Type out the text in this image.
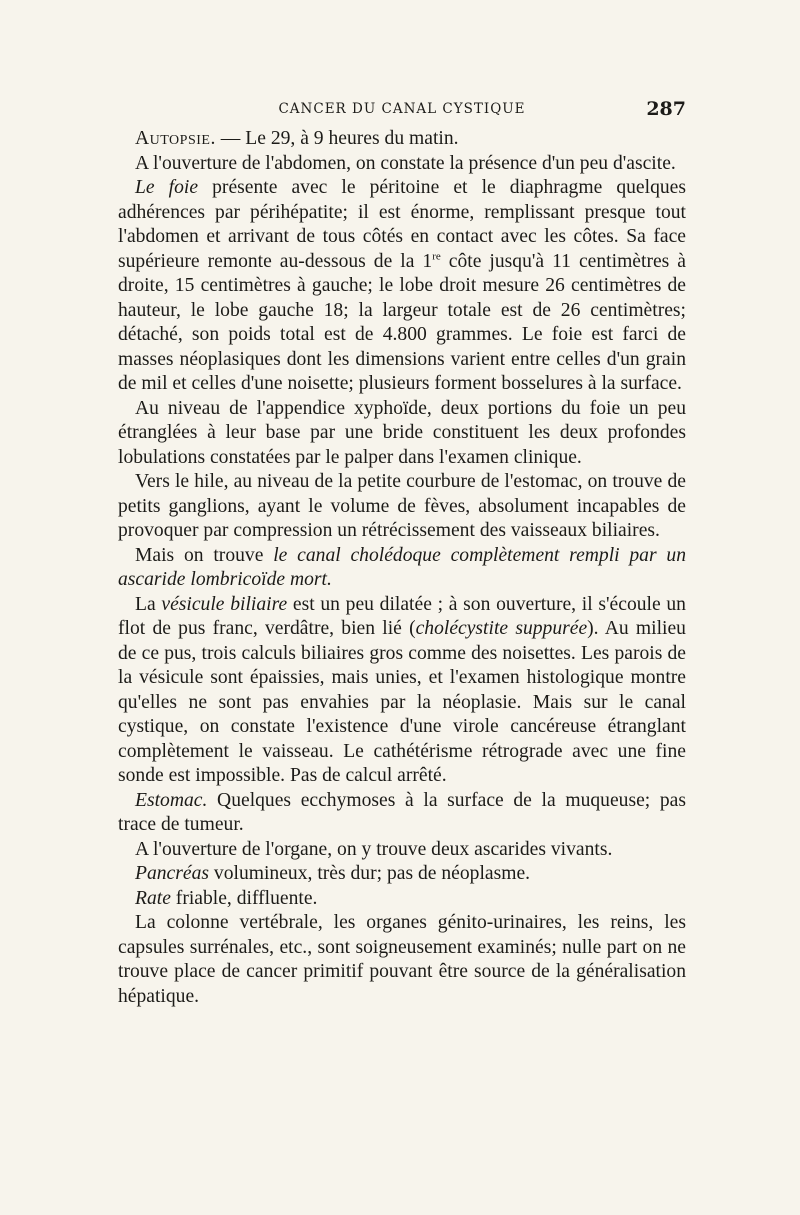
CANCER DU CANAL CYSTIQUE	287

Autopsie. — Le 29, à 9 heures du matin.

A l'ouverture de l'abdomen, on constate la présence d'un peu d'ascite.

Le foie présente avec le péritoine et le diaphragme quelques adhérences par périhépatite; il est énorme, remplissant presque tout l'abdomen et arrivant de tous côtés en contact avec les côtes. Sa face supérieure remonte au-dessous de la 1re côte jusqu'à 11 centimètres à droite, 15 centimètres à gauche; le lobe droit mesure 26 centimètres de hauteur, le lobe gauche 18; la largeur totale est de 26 centimètres; détaché, son poids total est de 4.800 grammes. Le foie est farci de masses néoplasiques dont les dimensions varient entre celles d'un grain de mil et celles d'une noisette; plusieurs forment bosselures à la surface.

Au niveau de l'appendice xyphoïde, deux portions du foie un peu étranglées à leur base par une bride constituent les deux profondes lobulations constatées par le palper dans l'examen clinique.

Vers le hile, au niveau de la petite courbure de l'estomac, on trouve de petits ganglions, ayant le volume de fèves, absolument incapables de provoquer par compression un rétrécissement des vaisseaux biliaires.

Mais on trouve le canal cholédoque complètement rempli par un ascaride lombricoïde mort.

La vésicule biliaire est un peu dilatée ; à son ouverture, il s'écoule un flot de pus franc, verdâtre, bien lié (cholécystite suppurée). Au milieu de ce pus, trois calculs biliaires gros comme des noisettes. Les parois de la vésicule sont épaissies, mais unies, et l'examen histologique montre qu'elles ne sont pas envahies par la néoplasie. Mais sur le canal cystique, on constate l'existence d'une virole cancéreuse étranglant complètement le vaisseau. Le cathétérisme rétrograde avec une fine sonde est impossible. Pas de calcul arrêté.

Estomac. Quelques ecchymoses à la surface de la muqueuse; pas trace de tumeur.

A l'ouverture de l'organe, on y trouve deux ascarides vivants.

Pancréas volumineux, très dur; pas de néoplasme.

Rate friable, diffluente.

La colonne vertébrale, les organes génito-urinaires, les reins, les capsules surrénales, etc., sont soigneusement examinés; nulle part on ne trouve place de cancer primitif pouvant être source de la généralisation hépatique.
